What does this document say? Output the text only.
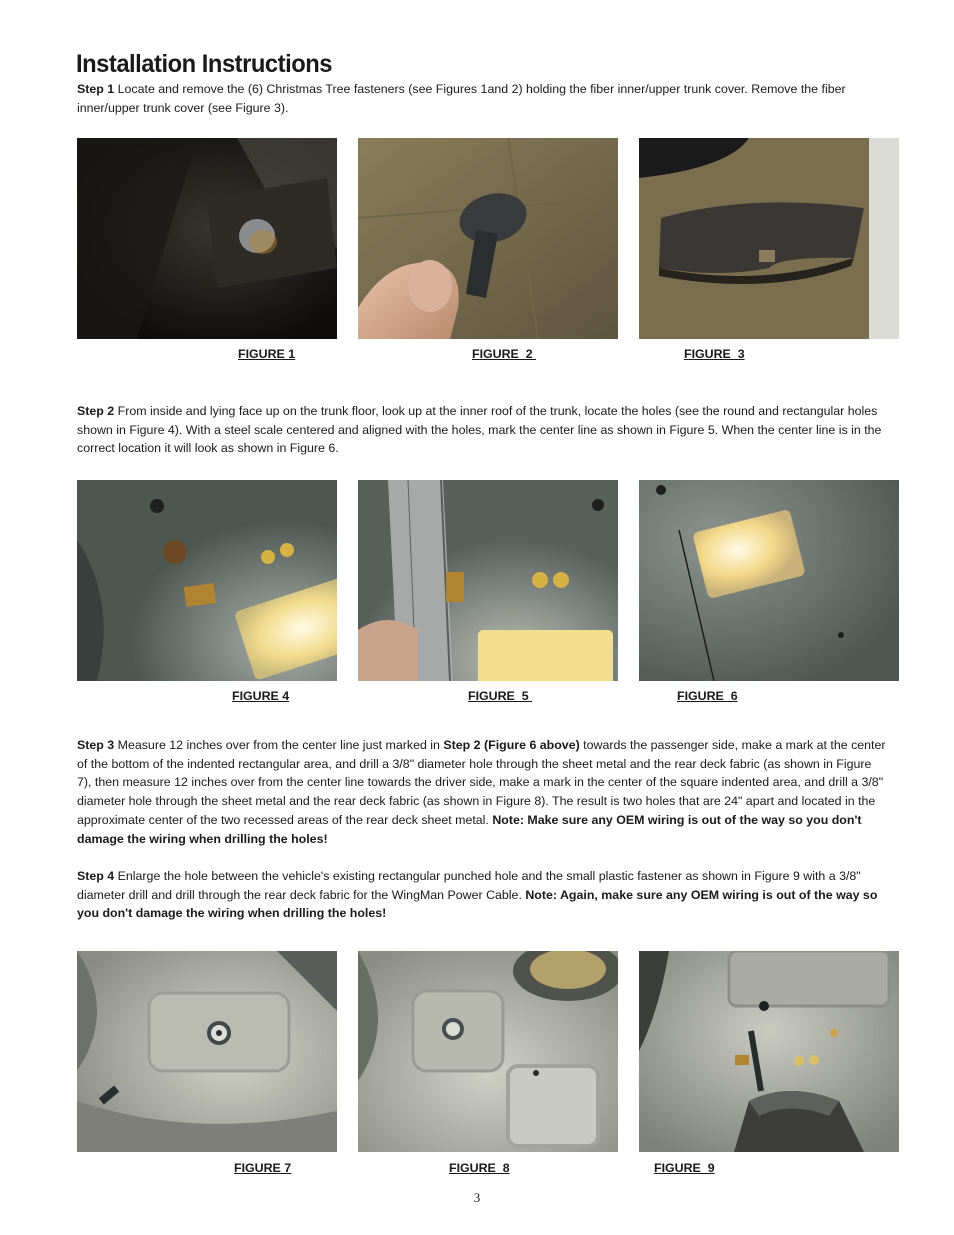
Installation Instructions

Step 1 Locate and remove the (6) Christmas Tree fasteners (see Figures 1and 2) holding the fiber inner/upper trunk cover. Remove the fiber inner/upper trunk cover (see Figure 3).

FIGURE 1	FIGURE  2	FIGURE  3

Step 2 From inside and lying face up on the trunk floor, look up at the inner roof of the trunk, locate the holes (see the round and rectangular holes shown in Figure 4). With a steel scale centered and aligned with the holes, mark the center line as shown in Figure 5. When the center line is in the correct location it will look as shown in Figure 6.

FIGURE 4	FIGURE  5	FIGURE  6

Step 3 Measure 12 inches over from the center line just marked in Step 2 (Figure 6 above) towards the passenger side, make a mark at the center of the bottom of the indented rectangular area, and drill a 3/8" diameter hole through the sheet metal and the rear deck fabric (as shown in Figure 7), then measure 12 inches over from the center line towards the driver side, make a mark in the center of the square indented area, and drill a 3/8" diameter hole through the sheet metal and the rear deck fabric (as shown in Figure 8). The result is two holes that are 24" apart and located in the approximate center of the two recessed areas of the rear deck sheet metal. Note: Make sure any OEM wiring is out of the way so you don't damage the wiring when drilling the holes!

Step 4 Enlarge the hole between the vehicle's existing rectangular punched hole and the small plastic fastener as shown in Figure 9 with a 3/8" diameter drill and drill through the rear deck fabric for the WingMan Power Cable. Note: Again, make sure any OEM wiring is out of the way so you don't damage the wiring when drilling the holes!

FIGURE 7	FIGURE  8	FIGURE  9
3
